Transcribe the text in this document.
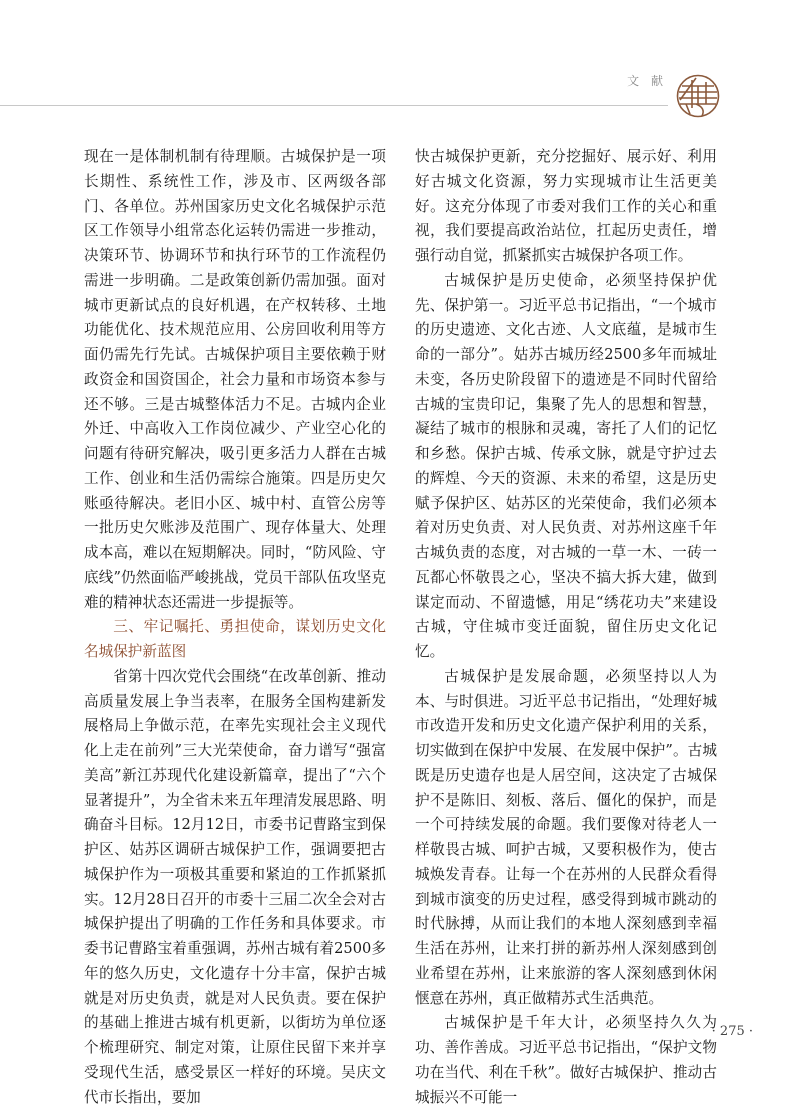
文 献

现在一是体制机制有待理顺。古城保护是一项长期性、系统性工作，涉及市、区两级各部门、各单位。苏州国家历史文化名城保护示范区工作领导小组常态化运转仍需进一步推动，决策环节、协调环节和执行环节的工作流程仍需进一步明确。二是政策创新仍需加强。面对城市更新试点的良好机遇，在产权转移、土地功能优化、技术规范应用、公房回收利用等方面仍需先行先试。古城保护项目主要依赖于财政资金和国资国企，社会力量和市场资本参与还不够。三是古城整体活力不足。古城内企业外迁、中高收入工作岗位减少、产业空心化的问题有待研究解决，吸引更多活力人群在古城工作、创业和生活仍需综合施策。四是历史欠账亟待解决。老旧小区、城中村、直管公房等一批历史欠账涉及范围广、现存体量大、处理成本高，难以在短期解决。同时，“防风险、守底线”仍然面临严峻挑战，党员干部队伍攻坚克难的精神状态还需进一步提振等。

三、牢记嘱托、勇担使命，谋划历史文化名城保护新蓝图

省第十四次党代会围绕“在改革创新、推动高质量发展上争当表率，在服务全国构建新发展格局上争做示范，在率先实现社会主义现代化上走在前列”三大光荣使命，奋力谱写“强富美高”新江苏现代化建设新篇章，提出了“六个显著提升”，为全省未来五年理清发展思路、明确奋斗目标。12月12日，市委书记曹路宝到保护区、姑苏区调研古城保护工作，强调要把古城保护作为一项极其重要和紧迫的工作抓紧抓实。12月28日召开的市委十三届二次全会对古城保护提出了明确的工作任务和具体要求。市委书记曹路宝着重强调，苏州古城有着2500多年的悠久历史，文化遗存十分丰富，保护古城就是对历史负责，就是对人民负责。要在保护的基础上推进古城有机更新，以街坊为单位逐个梳理研究、制定对策，让原住民留下来并享受现代生活，感受景区一样好的环境。吴庆文代市长指出，要加

快古城保护更新，充分挖掘好、展示好、利用好古城文化资源，努力实现城市让生活更美好。这充分体现了市委对我们工作的关心和重视，我们要提高政治站位，扛起历史责任，增强行动自觉，抓紧抓实古城保护各项工作。

古城保护是历史使命，必须坚持保护优先、保护第一。习近平总书记指出，“一个城市的历史遗迹、文化古迹、人文底蕴，是城市生命的一部分”。姑苏古城历经2500多年而城址未变，各历史阶段留下的遗迹是不同时代留给古城的宝贵印记，集聚了先人的思想和智慧，凝结了城市的根脉和灵魂，寄托了人们的记忆和乡愁。保护古城、传承文脉，就是守护过去的辉煌、今天的资源、未来的希望，这是历史赋予保护区、姑苏区的光荣使命，我们必须本着对历史负责、对人民负责、对苏州这座千年古城负责的态度，对古城的一草一木、一砖一瓦都心怀敬畏之心，坚决不搞大拆大建，做到谋定而动、不留遗憾，用足“绣花功夫”来建设古城，守住城市变迁面貌，留住历史文化记忆。

古城保护是发展命题，必须坚持以人为本、与时俱进。习近平总书记指出，“处理好城市改造开发和历史文化遗产保护利用的关系，切实做到在保护中发展、在发展中保护”。古城既是历史遗存也是人居空间，这决定了古城保护不是陈旧、刻板、落后、僵化的保护，而是一个可持续发展的命题。我们要像对待老人一样敬畏古城、呵护古城，又要积极作为，使古城焕发青春。让每一个在苏州的人民群众看得到城市演变的历史过程，感受得到城市跳动的时代脉搏，从而让我们的本地人深刻感到幸福生活在苏州，让来打拼的新苏州人深刻感到创业希望在苏州，让来旅游的客人深刻感到休闲惬意在苏州，真正做精苏式生活典范。

古城保护是千年大计，必须坚持久久为功、善作善成。习近平总书记指出，“保护文物功在当代、利在千秋”。做好古城保护、推动古城振兴不可能一

· 275 ·
